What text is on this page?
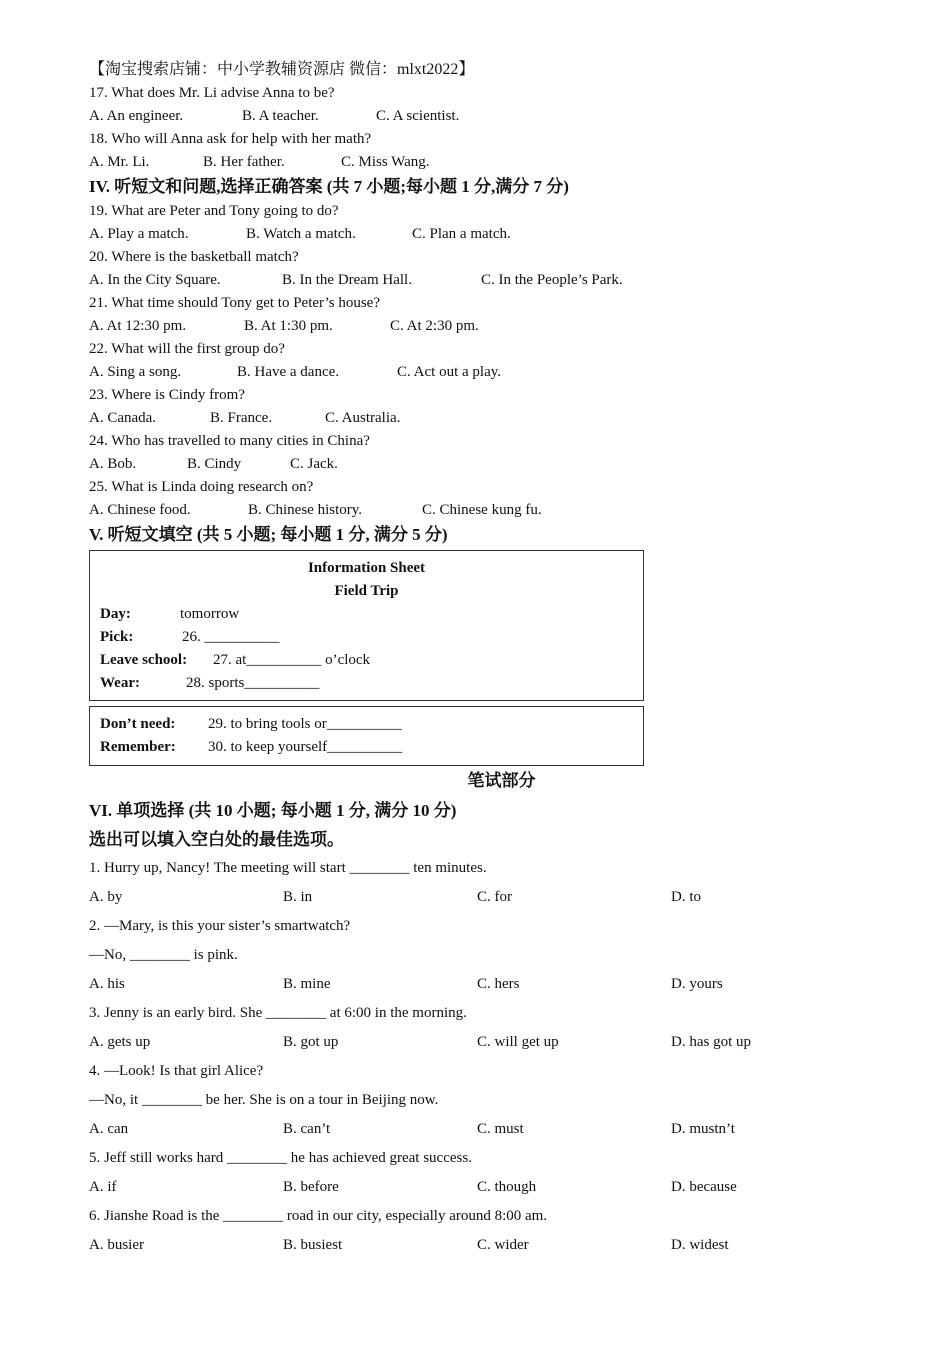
【淘宝搜索店铺：中小学教辅资源店 微信：mlxt2022】
17. What does Mr. Li advise Anna to be?
A. An engineer.	B. A teacher.	C. A scientist.
18. Who will Anna ask for help with her math?
A. Mr. Li.	B. Her father.	C. Miss Wang.
IV. 听短文和问题,选择正确答案 (共 7 小题;每小题 1 分,满分 7 分)
19. What are Peter and Tony going to do?
A. Play a match.	B. Watch a match.	C. Plan a match.
20. Where is the basketball match?
A. In the City Square.	B. In the Dream Hall.	C. In the People’s Park.
21. What time should Tony get to Peter’s house?
A. At 12:30 pm.	B. At 1:30 pm.	C. At 2:30 pm.
22. What will the first group do?
A. Sing a song.	B. Have a dance.	C. Act out a play.
23. Where is Cindy from?
A. Canada.	B. France.	C. Australia.
24. Who has travelled to many cities in China?
A. Bob.	B. Cindy	C. Jack.
25. What is Linda doing research on?
A. Chinese food.	B. Chinese history.	C. Chinese kung fu.
V. 听短文填空 (共 5 小题; 每小题 1 分, 满分 5 分)
Information Sheet
Field Trip
Day:	tomorrow
Pick:	26. __________
Leave school: 27. at__________ o’clock
Wear:	28. sports__________
Don’t need: 29. to bring tools or__________
Remember: 30. to keep yourself__________
笔试部分
VI. 单项选择 (共 10 小题; 每小题 1 分, 满分 10 分)
选出可以填入空白处的最佳选项。
1. Hurry up, Nancy! The meeting will start ________ ten minutes.
A. by	B. in	C. for	D. to
2. —Mary, is this your sister’s smartwatch?
—No, ________ is pink.
A. his	B. mine	C. hers	D. yours
3. Jenny is an early bird. She ________ at 6:00 in the morning.
A. gets up	B. got up	C. will get up	D. has got up
4. —Look! Is that girl Alice?
—No, it ________ be her. She is on a tour in Beijing now.
A. can	B. can’t	C. must	D. mustn’t
5. Jeff still works hard ________ he has achieved great success.
A. if	B. before	C. though	D. because
6. Jianshe Road is the ________ road in our city, especially around 8:00 am.
A. busier	B. busiest	C. wider	D. widest
